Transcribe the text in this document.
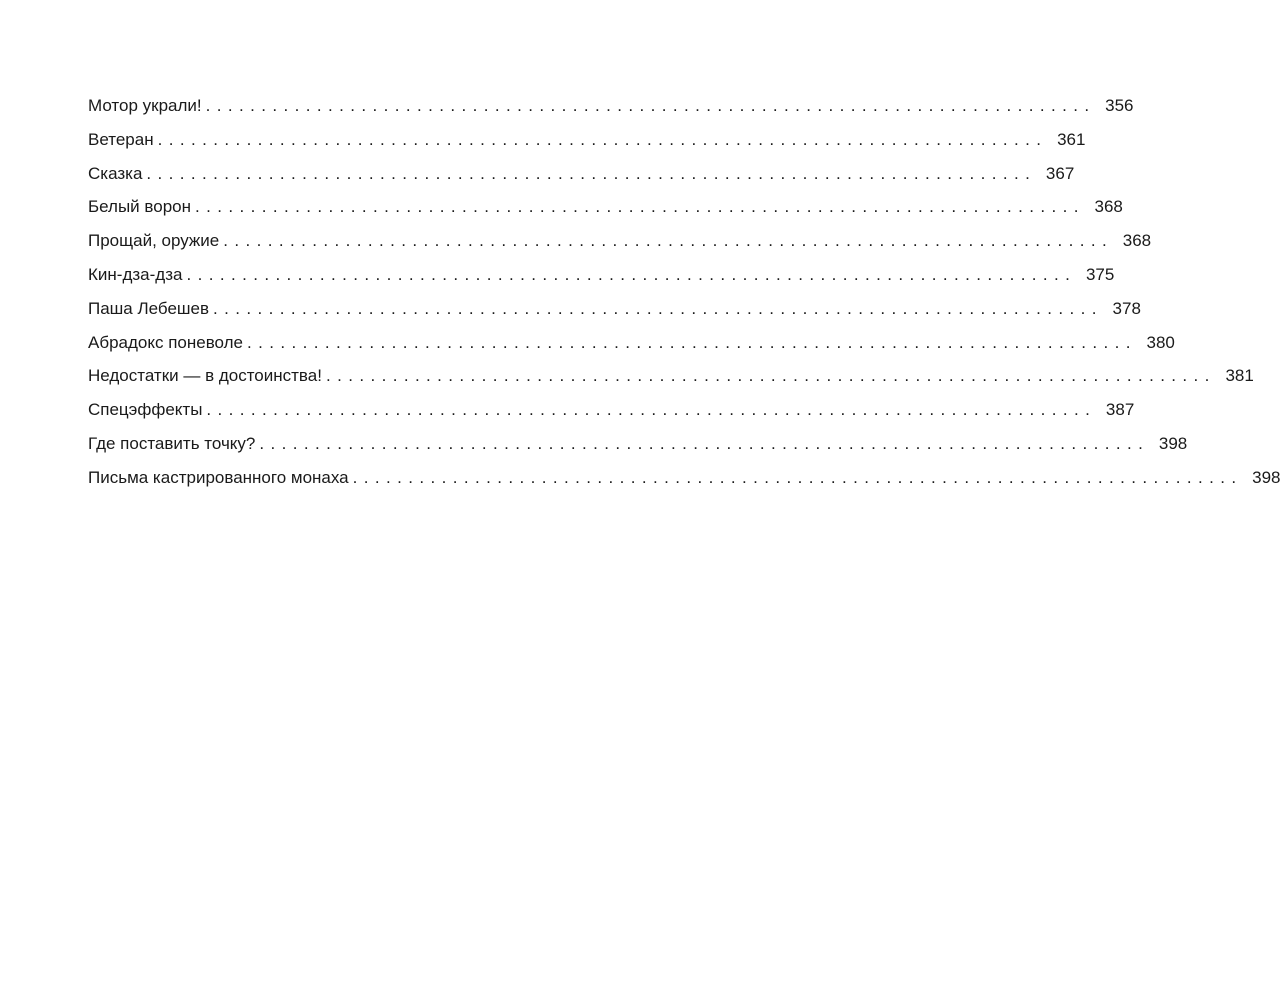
Мотор украли! ................................................................................ 356
Ветеран ................................................................................ 361
Сказка ................................................................................ 367
Белый ворон ................................................................................ 368
Прощай, оружие ................................................................................ 368
Кин-дза-дза ................................................................................ 375
Паша Лебешев ................................................................................ 378
Абрадокс поневоле ................................................................................ 380
Недостатки — в достоинства! ................................................................................ 381
Спецэффекты ................................................................................ 387
Где поставить точку? ................................................................................ 398
Письма кастрированного монаха ................................................................................ 398
